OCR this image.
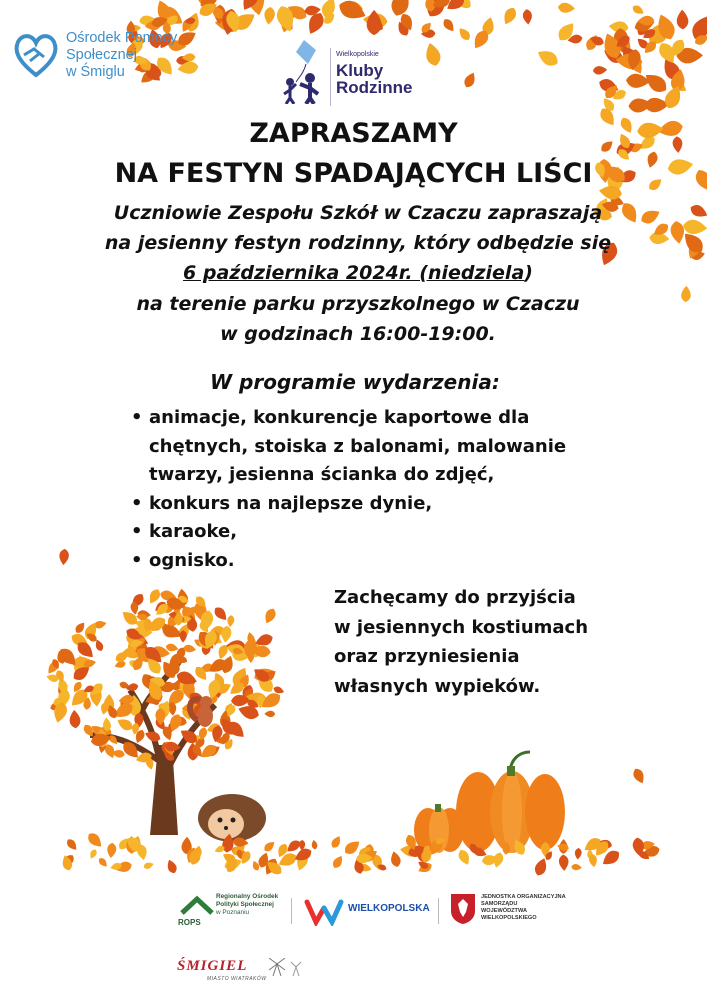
Ośrodek Pomocy
Społecznej
w Śmiglu
Wielkopolskie
Kluby
Rodzinne
ZAPRASZAMY
NA FESTYN SPADAJĄCYCH LIŚCI
Uczniowie Zespołu Szkół w Czaczu zapraszają
na jesienny festyn rodzinny, który odbędzie się
6 października 2024r. (niedziela)
na terenie parku przyszkolnego w Czaczu
w godzinach 16:00-19:00.
W programie wydarzenia:
• animacje, konkurencje kaportowe dla
chętnych, stoiska z balonami, malowanie
twarzy, jesienna ścianka do zdjęć,
• konkurs na najlepsze dynie,
• karaoke,
• ognisko.
Zachęcamy do przyjścia
w jesiennych kostiumach
oraz przyniesienia
własnych wypieków.
Regionalny Ośrodek
Polityki Społecznej
w Poznaniu
ROPS
WIELKOPOLSKA
JEDNOSTKA ORGANIZACYJNA
SAMORZĄDU
WOJEWÓDZTWA
WIELKOPOLSKIEGO
ŚMIGIEL
MIASTO WIATRAKÓW
